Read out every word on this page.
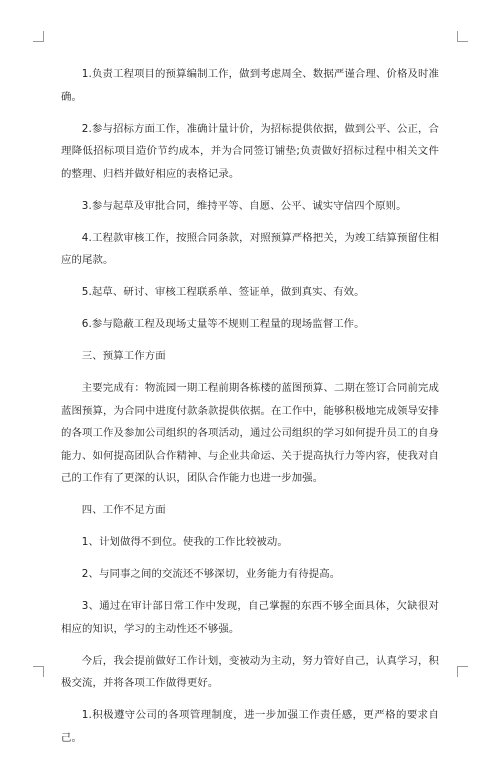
1.负责工程项目的预算编制工作，做到考虑周全、数据严谨合理、价格及时准确。

2.参与招标方面工作，准确计量计价，为招标提供依据，做到公平、公正，合理降低招标项目造价节约成本，并为合同签订铺垫;负责做好招标过程中相关文件的整理、归档并做好相应的表格记录。

3.参与起草及审批合同，维持平等、自愿、公平、诚实守信四个原则。

4.工程款审核工作，按照合同条款，对照预算严格把关，为竣工结算预留住相应的尾款。

5.起草、研讨、审核工程联系单、签证单，做到真实、有效。

6.参与隐蔽工程及现场丈量等不规则工程量的现场监督工作。

三、预算工作方面

主要完成有：物流园一期工程前期各栋楼的蓝图预算、二期在签订合同前完成蓝图预算，为合同中进度付款条款提供依据。在工作中，能够积极地完成领导安排的各项工作及参加公司组织的各项活动，通过公司组织的学习如何提升员工的自身能力、如何提高团队合作精神、与企业共命运、关于提高执行力等内容，使我对自己的工作有了更深的认识，团队合作能力也进一步加强。

四、工作不足方面

1、计划做得不到位。使我的工作比较被动。

2、与同事之间的交流还不够深切，业务能力有待提高。

3、通过在审计部日常工作中发现，自己掌握的东西不够全面具体，欠缺很对相应的知识，学习的主动性还不够强。

今后，我会提前做好工作计划，变被动为主动，努力管好自己，认真学习，积极交流，并将各项工作做得更好。

1.积极遵守公司的各项管理制度，进一步加强工作责任感，更严格的要求自己。
